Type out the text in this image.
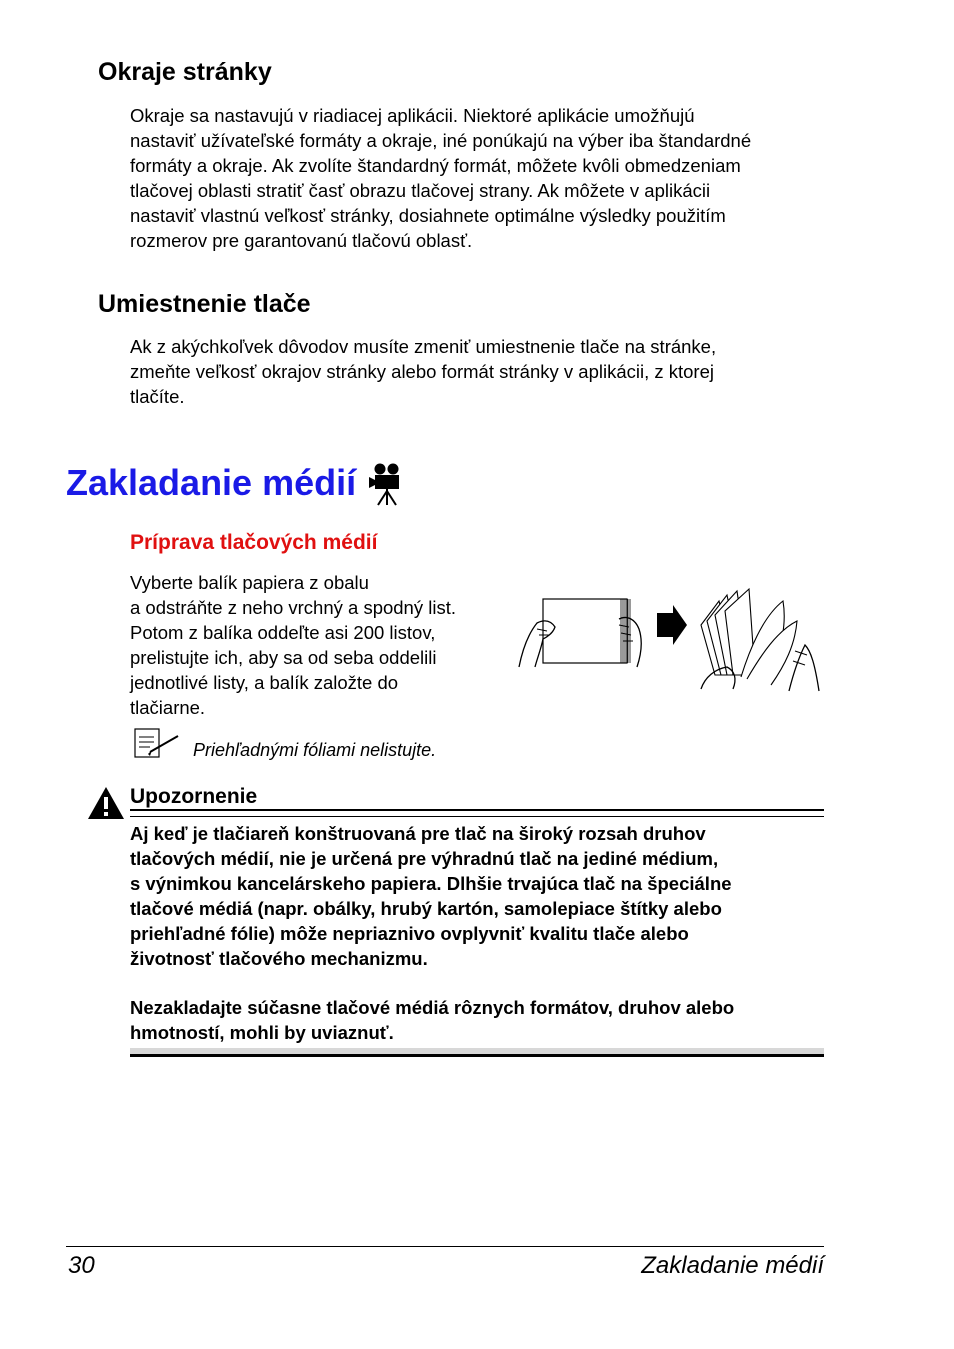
Okraje stránky
Okraje sa nastavujú v riadiacej aplikácii. Niektoré aplikácie umožňujú
nastaviť užívateľské formáty a okraje, iné ponúkajú na výber iba štandardné
formáty a okraje. Ak zvolíte štandardný formát, môžete kvôli obmedzeniam
tlačovej oblasti stratiť časť obrazu tlačovej strany. Ak môžete v aplikácii
nastaviť vlastnú veľkosť stránky, dosiahnete optimálne výsledky použitím
rozmerov pre garantovanú tlačovú oblasť.
Umiestnenie tlače
Ak z akýchkoľvek dôvodov musíte zmeniť umiestnenie tlače na stránke,
zmeňte veľkosť okrajov stránky alebo formát stránky v aplikácii, z ktorej
tlačíte.
Zakladanie médií
Príprava tlačových médií
Vyberte balík papiera z obalu
a odstráňte z neho vrchný a spodný list.
Potom z balíka oddeľte asi 200 listov,
prelistujte ich, aby sa od seba oddelili
jednotlivé listy, a balík založte do
tlačiarne.
Priehľadnými fóliami nelistujte.
Upozornenie
Aj keď je tlačiareň konštruovaná pre tlač na široký rozsah druhov
tlačových médií, nie je určená pre výhradnú tlač na jediné médium,
s výnimkou kancelárskeho papiera. Dlhšie trvajúca tlač na špeciálne
tlačové médiá (napr. obálky, hrubý kartón, samolepiace štítky alebo
priehľadné fólie) môže nepriaznivo ovplyvniť kvalitu tlače alebo
životnosť tlačového mechanizmu.
Nezakladajte súčasne tlačové médiá rôznych formátov, druhov alebo
hmotností, mohli by uviaznuť.
30	Zakladanie médií
